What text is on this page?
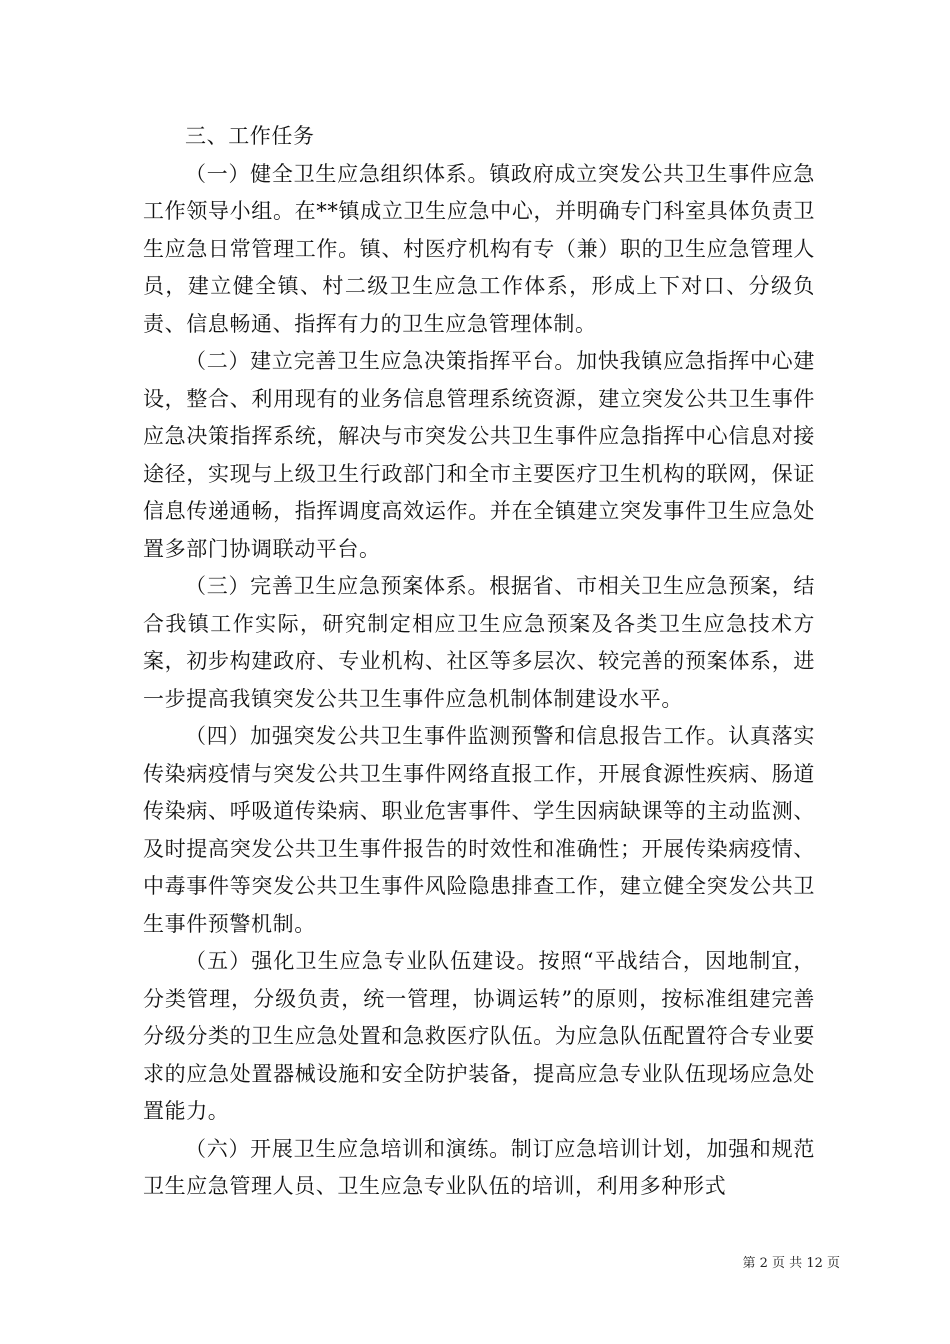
三、工作任务

（一）健全卫生应急组织体系。镇政府成立突发公共卫生事件应急工作领导小组。在**镇成立卫生应急中心，并明确专门科室具体负责卫生应急日常管理工作。镇、村医疗机构有专（兼）职的卫生应急管理人员，建立健全镇、村二级卫生应急工作体系，形成上下对口、分级负责、信息畅通、指挥有力的卫生应急管理体制。

（二）建立完善卫生应急决策指挥平台。加快我镇应急指挥中心建设，整合、利用现有的业务信息管理系统资源，建立突发公共卫生事件应急决策指挥系统，解决与市突发公共卫生事件应急指挥中心信息对接途径，实现与上级卫生行政部门和全市主要医疗卫生机构的联网，保证信息传递通畅，指挥调度高效运作。并在全镇建立突发事件卫生应急处置多部门协调联动平台。

（三）完善卫生应急预案体系。根据省、市相关卫生应急预案，结合我镇工作实际，研究制定相应卫生应急预案及各类卫生应急技术方案，初步构建政府、专业机构、社区等多层次、较完善的预案体系，进一步提高我镇突发公共卫生事件应急机制体制建设水平。

（四）加强突发公共卫生事件监测预警和信息报告工作。认真落实传染病疫情与突发公共卫生事件网络直报工作，开展食源性疾病、肠道传染病、呼吸道传染病、职业危害事件、学生因病缺课等的主动监测、及时提高突发公共卫生事件报告的时效性和准确性；开展传染病疫情、中毒事件等突发公共卫生事件风险隐患排查工作，建立健全突发公共卫生事件预警机制。

（五）强化卫生应急专业队伍建设。按照“平战结合，因地制宜，分类管理，分级负责，统一管理，协调运转”的原则，按标准组建完善分级分类的卫生应急处置和急救医疗队伍。为应急队伍配置符合专业要求的应急处置器械设施和安全防护装备，提高应急专业队伍现场应急处置能力。

（六）开展卫生应急培训和演练。制订应急培训计划，加强和规范卫生应急管理人员、卫生应急专业队伍的培训，利用多种形式

第 2 页 共 12 页
